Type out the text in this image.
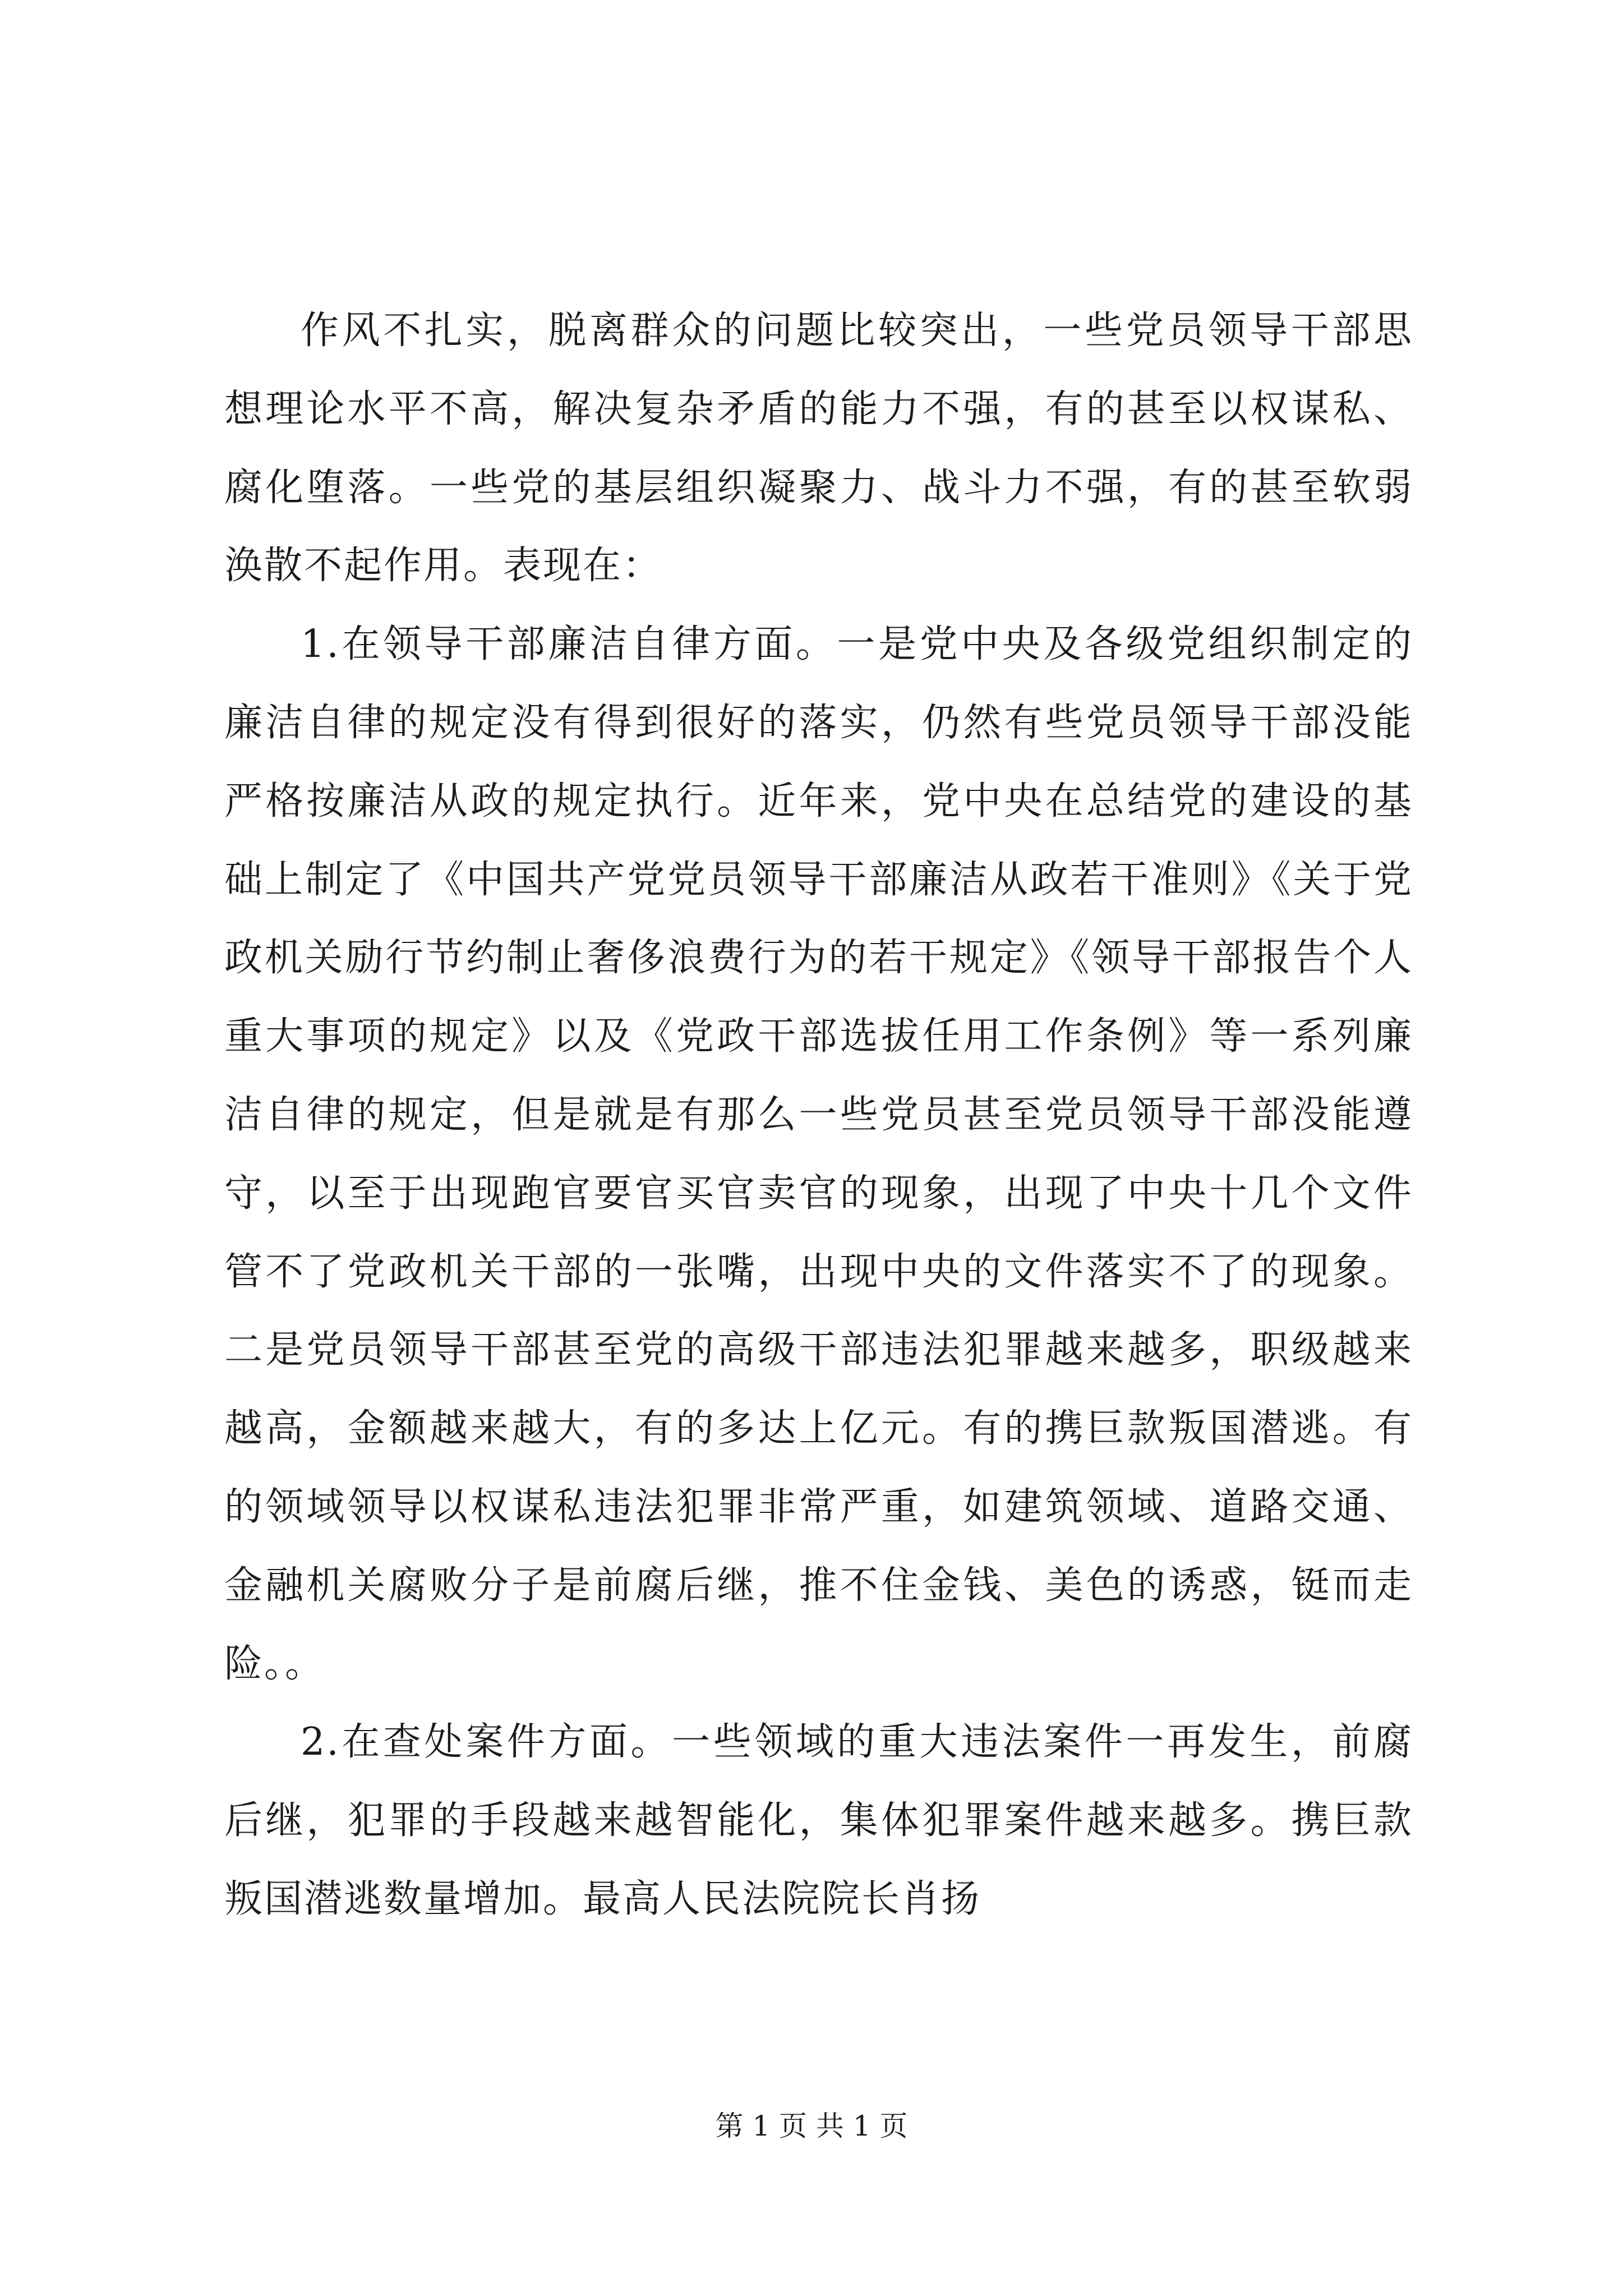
作风不扎实，脱离群众的问题比较突出，一些党员领导干部思想理论水平不高，解决复杂矛盾的能力不强，有的甚至以权谋私、腐化堕落。一些党的基层组织凝聚力、战斗力不强，有的甚至软弱涣散不起作用。表现在：

1.在领导干部廉洁自律方面。一是党中央及各级党组织制定的廉洁自律的规定没有得到很好的落实，仍然有些党员领导干部没能严格按廉洁从政的规定执行。近年来，党中央在总结党的建设的基础上制定了《中国共产党党员领导干部廉洁从政若干准则》《关于党政机关励行节约制止奢侈浪费行为的若干规定》《领导干部报告个人重大事项的规定》以及《党政干部选拔任用工作条例》等一系列廉洁自律的规定，但是就是有那么一些党员甚至党员领导干部没能遵守，以至于出现跑官要官买官卖官的现象，出现了中央十几个文件管不了党政机关干部的一张嘴，出现中央的文件落实不了的现象。二是党员领导干部甚至党的高级干部违法犯罪越来越多，职级越来越高，金额越来越大，有的多达上亿元。有的携巨款叛国潜逃。有的领域领导以权谋私违法犯罪非常严重，如建筑领域、道路交通、金融机关腐败分子是前腐后继，推不住金钱、美色的诱惑，铤而走险。。

2.在查处案件方面。一些领域的重大违法案件一再发生，前腐后继，犯罪的手段越来越智能化，集体犯罪案件越来越多。携巨款叛国潜逃数量增加。最高人民法院院长肖扬

第 1 页 共 1 页
